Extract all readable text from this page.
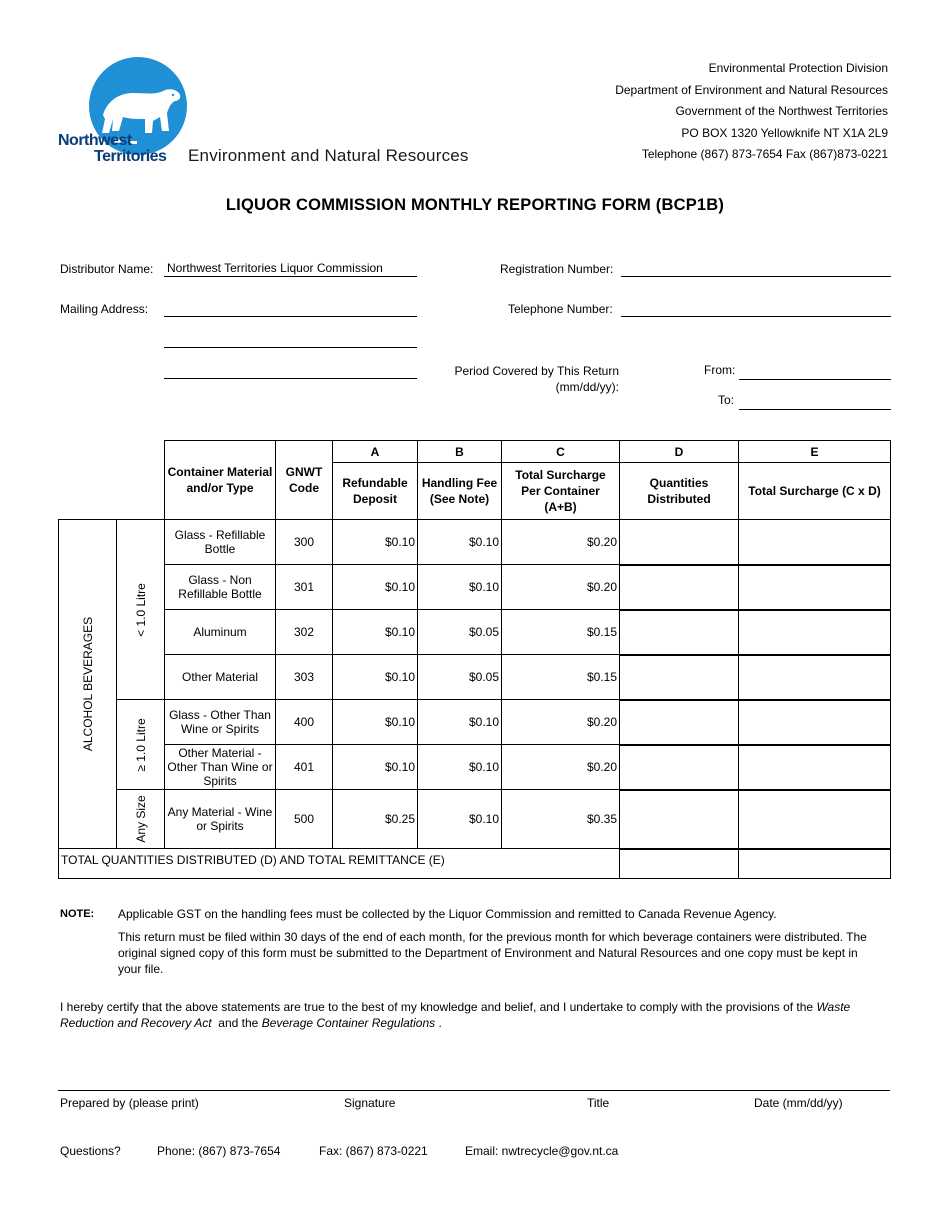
Northwest
Territories Environment and Natural Resources
Environmental Protection Division
Department of Environment and Natural Resources
Government of the Northwest Territories
PO BOX 1320 Yellowknife NT X1A 2L9
Telephone (867) 873-7654 Fax (867)873-0221
LIQUOR COMMISSION MONTHLY REPORTING FORM (BCP1B)
Distributor Name: Northwest Territories Liquor Commission
Mailing Address:
Registration Number:
Telephone Number:
Period Covered by This Return
(mm/dd/yy):
From:
To:
		Container Material and/or Type	GNWT Code	A	B	C	D	E
				Refundable Deposit	Handling Fee (See Note)	Total Surcharge Per Container (A+B)	Quantities Distributed	Total Surcharge (C x D)

ALCOHOL BEVERAGES	< 1.0 Litre	Glass - Refillable Bottle	300	$0.10	$0.10	$0.20		
		Glass - Non Refillable Bottle	301	$0.10	$0.10	$0.20		
		Aluminum	302	$0.10	$0.05	$0.15		
		Other Material	303	$0.10	$0.05	$0.15		

	≥ 1.0 Litre	Glass - Other Than Wine or Spirits	400	$0.10	$0.10	$0.20		
		Other Material - Other Than Wine or Spirits	401	$0.10	$0.10	$0.20		

	Any Size	Any Material - Wine or Spirits	500	$0.25	$0.10	$0.35		
TOTAL QUANTITIES DISTRIBUTED (D) AND TOTAL REMITTANCE (E)								
NOTE: Applicable GST on the handling fees must be collected by the Liquor Commission and remitted to Canada Revenue Agency.
This return must be filed within 30 days of the end of each month, for the previous month for which beverage containers were distributed. The original signed copy of this form must be submitted to the Department of Environment and Natural Resources and one copy must be kept in your file.
I hereby certify that the above statements are true to the best of my knowledge and belief, and I undertake to comply with the provisions of the Waste Reduction and Recovery Act  and the Beverage Container Regulations .
Prepared by (please print)	Signature	Title	Date (mm/dd/yy)
Questions?	Phone: (867) 873-7654	Fax: (867) 873-0221	Email: nwtrecycle@gov.nt.ca
